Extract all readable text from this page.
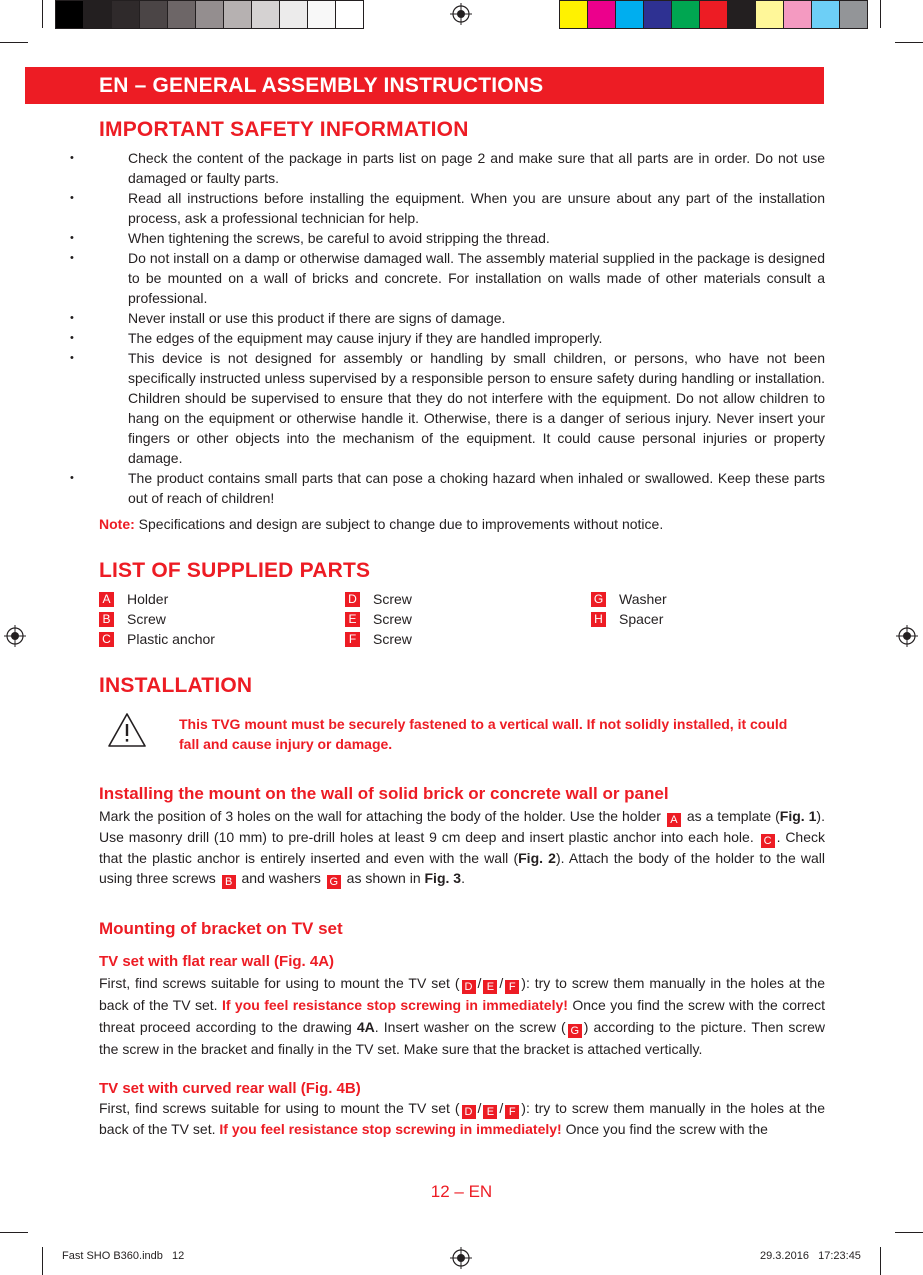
EN – GENERAL ASSEMBLY INSTRUCTIONS
IMPORTANT SAFETY INFORMATION
• Check the content of the package in parts list on page 2 and make sure that all parts are in order. Do not use damaged or faulty parts.
• Read all instructions before installing the equipment. When you are unsure about any part of the installation process, ask a professional technician for help.
• When tightening the screws, be careful to avoid stripping the thread.
• Do not install on a damp or otherwise damaged wall. The assembly material supplied in the package is designed to be mounted on a wall of bricks and concrete. For installation on walls made of other materials consult a professional.
• Never install or use this product if there are signs of damage.
• The edges of the equipment may cause injury if they are handled improperly.
• This device is not designed for assembly or handling by small children, or persons, who have not been specifically instructed unless supervised by a responsible person to ensure safety during handling or installation. Children should be supervised to ensure that they do not interfere with the equipment. Do not allow children to hang on the equipment or otherwise handle it. Otherwise, there is a danger of serious injury. Never insert your fingers or other objects into the mechanism of the equipment. It could cause personal injuries or property damage.
• The product contains small parts that can pose a choking hazard when inhaled or swallowed. Keep these parts out of reach of children!
Note: Specifications and design are subject to change due to improvements without notice.
LIST OF SUPPLIED PARTS
A Holder	D Screw	G Washer
B Screw	E Screw	H Spacer
C Plastic anchor	F Screw
INSTALLATION
This TVG mount must be securely fastened to a vertical wall. If not solidly installed, it could fall and cause injury or damage.
Installing the mount on the wall of solid brick or concrete wall or panel
Mark the position of 3 holes on the wall for attaching the body of the holder. Use the holder A as a template (Fig. 1). Use masonry drill (10 mm) to pre-drill holes at least 9 cm deep and insert plastic anchor into each hole. C . Check that the plastic anchor is entirely inserted and even with the wall (Fig. 2). Attach the body of the holder to the wall using three screws B and washers G as shown in Fig. 3.
Mounting of bracket on TV set
TV set with flat rear wall (Fig. 4A)
First, find screws suitable for using to mount the TV set ( D / E / F ): try to screw them manually in the holes at the back of the TV set. If you feel resistance stop screwing in immediately! Once you find the screw with the correct threat proceed according to the drawing 4A. Insert washer on the screw ( G ) according to the picture. Then screw the screw in the bracket and finally in the TV set. Make sure that the bracket is attached vertically.
TV set with curved rear wall (Fig. 4B)
First, find screws suitable for using to mount the TV set ( D / E / F ): try to screw them manually in the holes at the back of the TV set. If you feel resistance stop screwing in immediately! Once you find the screw with the
12 – EN
Fast SHO B360.indb   12	29.3.2016   17:23:45
